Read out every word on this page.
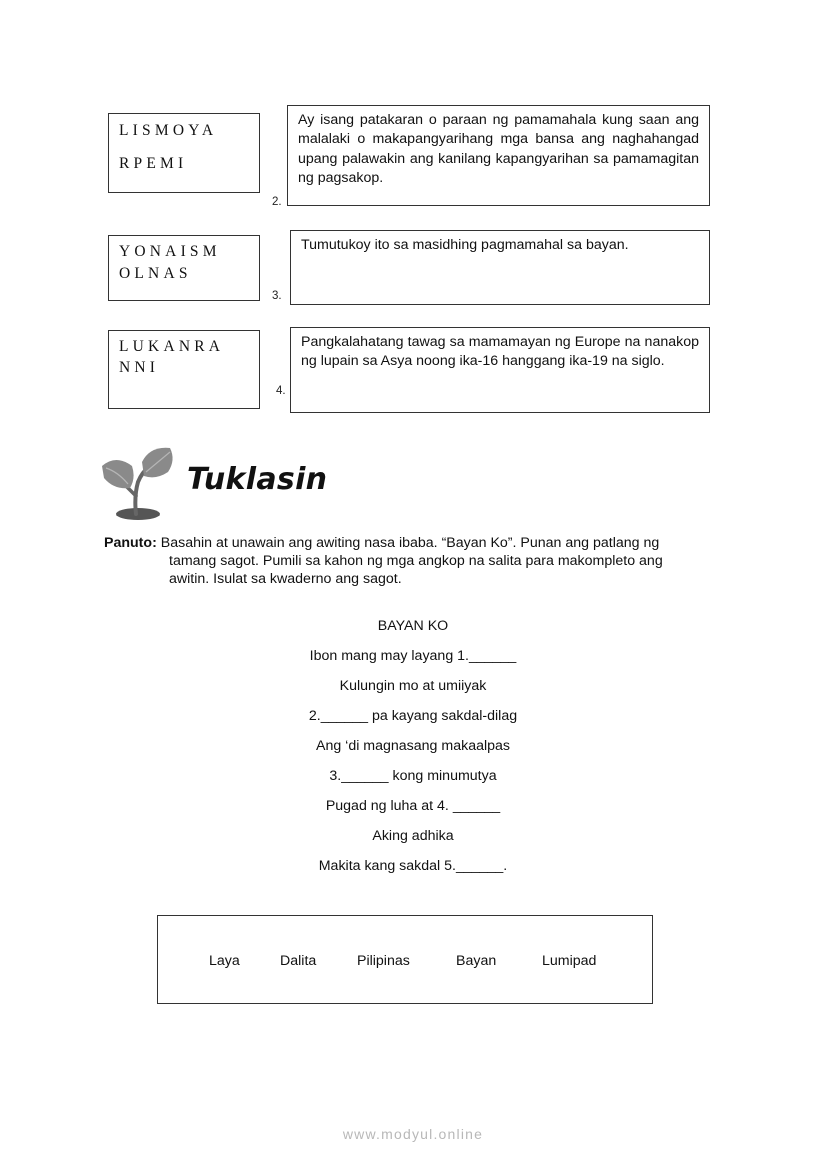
LISMOYA
RPEMI
2.
Ay isang patakaran o paraan ng pamamahala kung saan ang malalaki o makapangyarihang mga bansa ang naghahangad upang palawakin ang kanilang kapangyarihan sa pamamagitan ng pagsakop.
YONAISM
OLNAS
3.
Tumutukoy ito sa masidhing pagmamahal sa bayan.
LUKANRA
NNI
4.
Pangkalahatang tawag sa mamamayan ng Europe na nanakop ng lupain sa Asya noong ika-16 hanggang ika-19 na siglo.
Tuklasin
Panuto: Basahin at unawain ang awiting nasa ibaba. “Bayan Ko”. Punan ang patlang ng
tamang sagot. Pumili sa kahon ng mga angkop na salita para makompleto ang
awitin. Isulat sa kwaderno ang sagot.
BAYAN KO
Ibon mang may layang 1.______
Kulungin mo at umiiyak
2.______ pa kayang sakdal-dilag
Ang ‘di magnasang makaalpas
3.______ kong minumutya
Pugad ng luha at 4. ______
Aking adhika
Makita kang sakdal 5.______.
Laya	Dalita	Pilipinas	Bayan	Lumipad
www.modyul.online
